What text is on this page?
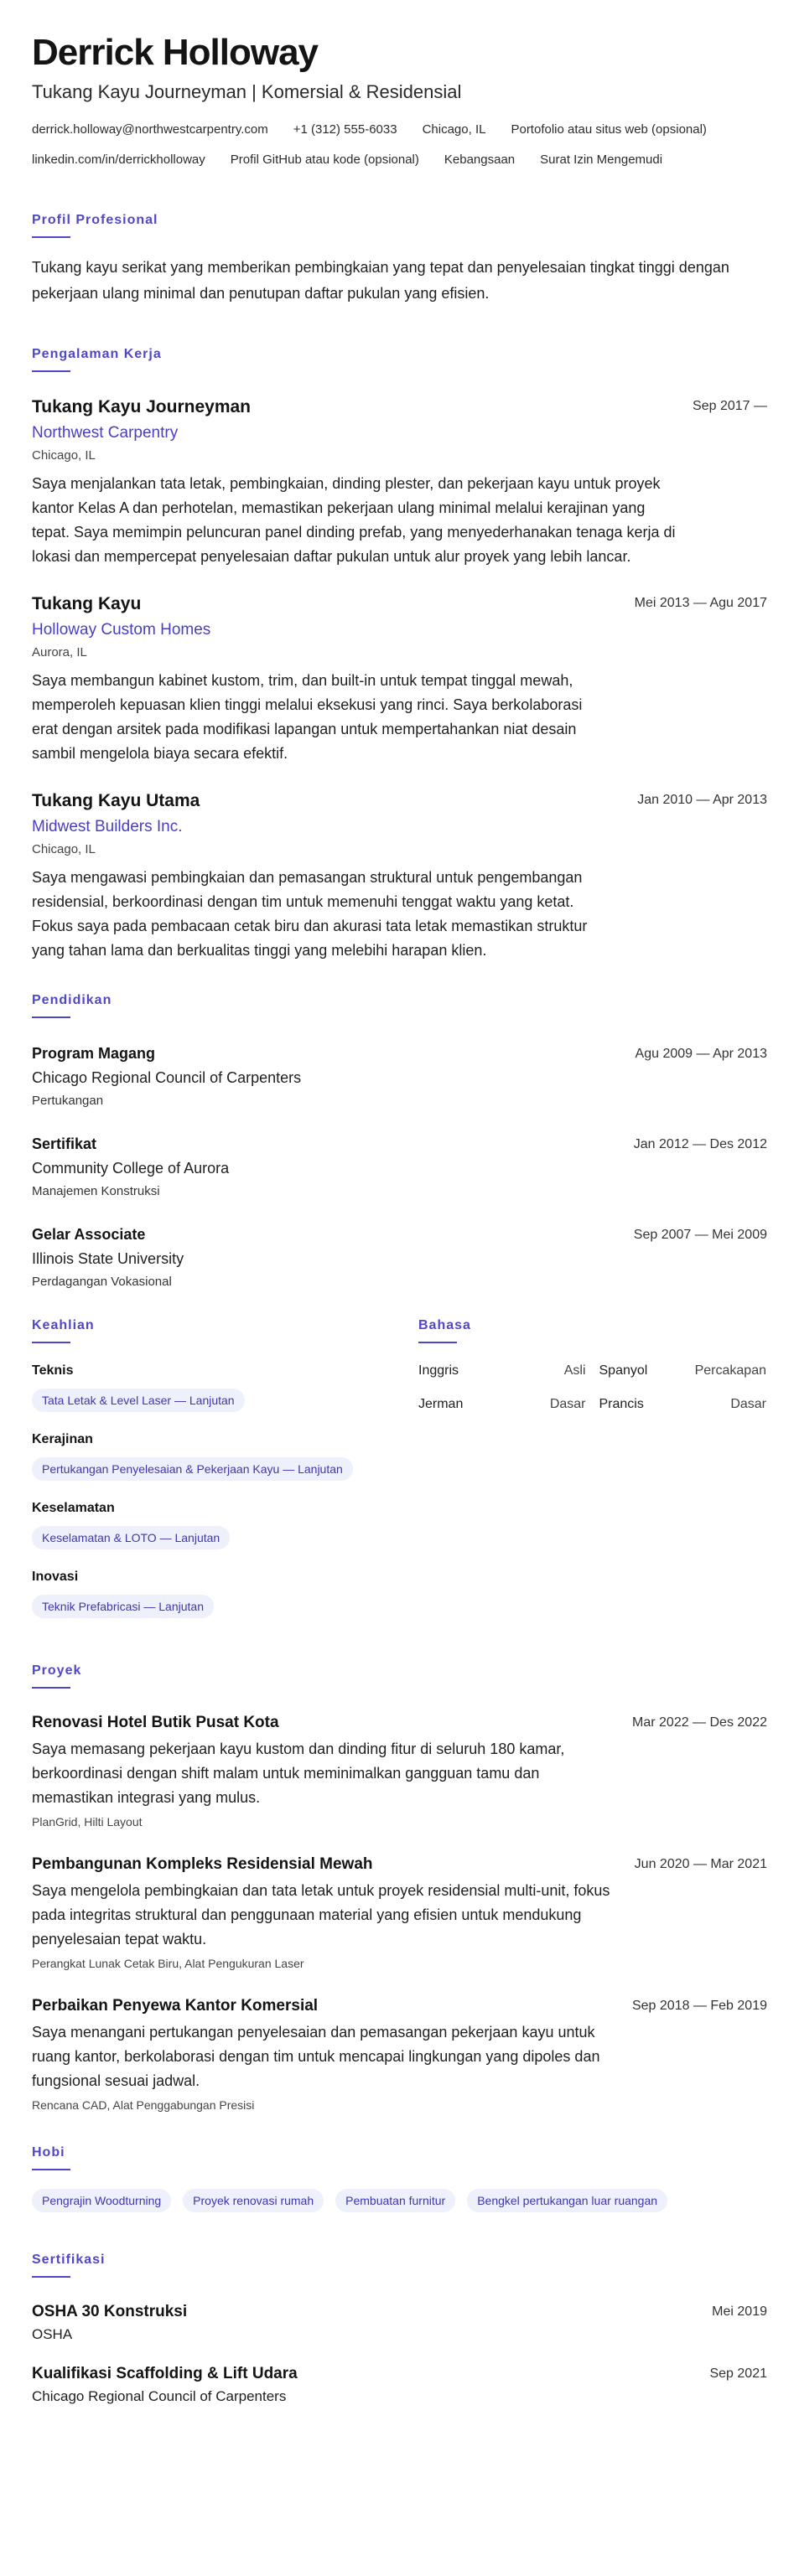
Derrick Holloway
Tukang Kayu Journeyman | Komersial & Residensial
derrick.holloway@northwestcarpentry.com +1 (312) 555-6033 Chicago, IL Portofolio atau situs web (opsional)
linkedin.com/in/derrickholloway Profil GitHub atau kode (opsional) Kebangsaan Surat Izin Mengemudi
Profil Profesional

Tukang kayu serikat yang memberikan pembingkaian yang tepat dan penyelesaian tingkat tinggi dengan pekerjaan ulang minimal dan penutupan daftar pukulan yang efisien.

Pengalaman Kerja
Sep 2017 —
Tukang Kayu Journeyman
Northwest Carpentry
Chicago, IL

Saya menjalankan tata letak, pembingkaian, dinding plester, dan pekerjaan kayu untuk proyek kantor Kelas A dan perhotelan, memastikan pekerjaan ulang minimal melalui kerajinan yang tepat. Saya memimpin peluncuran panel dinding prefab, yang menyederhanakan tenaga kerja di lokasi dan mempercepat penyelesaian daftar pukulan untuk alur proyek yang lebih lancar.

Mei 2013 — Agu 2017
Tukang Kayu
Holloway Custom Homes
Aurora, IL

Saya membangun kabinet kustom, trim, dan built-in untuk tempat tinggal mewah, memperoleh kepuasan klien tinggi melalui eksekusi yang rinci. Saya berkolaborasi erat dengan arsitek pada modifikasi lapangan untuk mempertahankan niat desain sambil mengelola biaya secara efektif.

Jan 2010 — Apr 2013
Tukang Kayu Utama
Midwest Builders Inc.
Chicago, IL

Saya mengawasi pembingkaian dan pemasangan struktural untuk pengembangan residensial, berkoordinasi dengan tim untuk memenuhi tenggat waktu yang ketat. Fokus saya pada pembacaan cetak biru dan akurasi tata letak memastikan struktur yang tahan lama dan berkualitas tinggi yang melebihi harapan klien.

Pendidikan
Agu 2009 — Apr 2013
Program Magang
Chicago Regional Council of Carpenters
Pertukangan
Jan 2012 — Des 2012
Sertifikat
Community College of Aurora
Manajemen Konstruksi
Sep 2007 — Mei 2009
Gelar Associate
Illinois State University
Perdagangan Vokasional
Keahlian
Teknis
Tata Letak & Level Laser — Lanjutan
Kerajinan
Pertukangan Penyelesaian & Pekerjaan Kayu — Lanjutan
Keselamatan
Keselamatan & LOTO — Lanjutan
Inovasi
Teknik Prefabricasi — Lanjutan
Bahasa
Inggris	Asli Spanyol	Percakapan
Jerman	Dasar Prancis	Dasar
Proyek
Mar 2022 — Des 2022
Renovasi Hotel Butik Pusat Kota

Saya memasang pekerjaan kayu kustom dan dinding fitur di seluruh 180 kamar, berkoordinasi dengan shift malam untuk meminimalkan gangguan tamu dan memastikan integrasi yang mulus.

PlanGrid, Hilti Layout
Jun 2020 — Mar 2021
Pembangunan Kompleks Residensial Mewah

Saya mengelola pembingkaian dan tata letak untuk proyek residensial multi-unit, fokus pada integritas struktural dan penggunaan material yang efisien untuk mendukung penyelesaian tepat waktu.

Perangkat Lunak Cetak Biru, Alat Pengukuran Laser
Sep 2018 — Feb 2019
Perbaikan Penyewa Kantor Komersial

Saya menangani pertukangan penyelesaian dan pemasangan pekerjaan kayu untuk ruang kantor, berkolaborasi dengan tim untuk mencapai lingkungan yang dipoles dan fungsional sesuai jadwal.

Rencana CAD, Alat Penggabungan Presisi
Hobi
Pengrajin Woodturning	Proyek renovasi rumah	Pembuatan furnitur	Bengkel pertukangan luar ruangan
Sertifikasi
Mei 2019
OSHA 30 Konstruksi
OSHA
Sep 2021
Kualifikasi Scaffolding & Lift Udara
Chicago Regional Council of Carpenters
